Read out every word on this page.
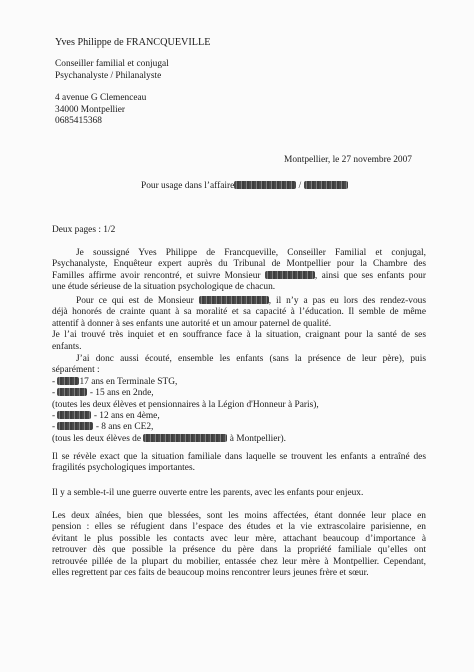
Yves Philippe de FRANCQUEVILLE
Conseiller familial et conjugal
Psychanalyste / Philanalyste
4 avenue G Clemenceau
34000 Montpellier
0685415368
Montpellier, le 27 novembre 2007
Pour usage dans l’affaire	/
Deux pages : 1/2
Je soussigné Yves Philippe de Francqueville, Conseiller Familial et conjugal,
Psychanalyste, Enquêteur expert auprès du Tribunal de Montpellier pour la Chambre des
Familles affirme avoir rencontré, et suivre Monsieur	, ainsi que ses enfants pour
une étude sérieuse de la situation psychologique de chacun.
Pour ce qui est de Monsieur	, il n’y a pas eu lors des rendez-vous
déjà honorés de crainte quant à sa moralité et sa capacité à l’éducation. Il semble de même
attentif à donner à ses enfants une autorité et un amour paternel de qualité.
Je l’ai trouvé très inquiet et en souffrance face à la situation, craignant pour la santé de ses
enfants.
J’ai donc aussi écouté, ensemble les enfants (sans la présence de leur père), puis
séparément :
- 17 ans en Terminale STG,
-	- 15 ans en 2nde,
(toutes les deux élèves et pensionnaires à la Légion d'Honneur à Paris),
-	- 12 ans en 4ème,
-	- 8 ans en CE2,
(tous les deux élèves de	à Montpellier).
Il se révèle exact que la situation familiale dans laquelle se trouvent les enfants a entraîné des
fragilités psychologiques importantes.
Il y a semble-t-il une guerre ouverte entre les parents, avec les enfants pour enjeux.
Les deux aînées, bien que blessées, sont les moins affectées, étant donnée leur place en
pension : elles se réfugient dans l’espace des études et la vie extrascolaire parisienne, en
évitant le plus possible les contacts avec leur mère, attachant beaucoup d’importance à
retrouver dès que possible la présence du père dans la propriété familiale qu’elles ont
retrouvée pillée de la plupart du mobilier, entassée chez leur mère à Montpellier. Cependant,
elles regrettent par ces faits de beaucoup moins rencontrer leurs jeunes frère et sœur.
